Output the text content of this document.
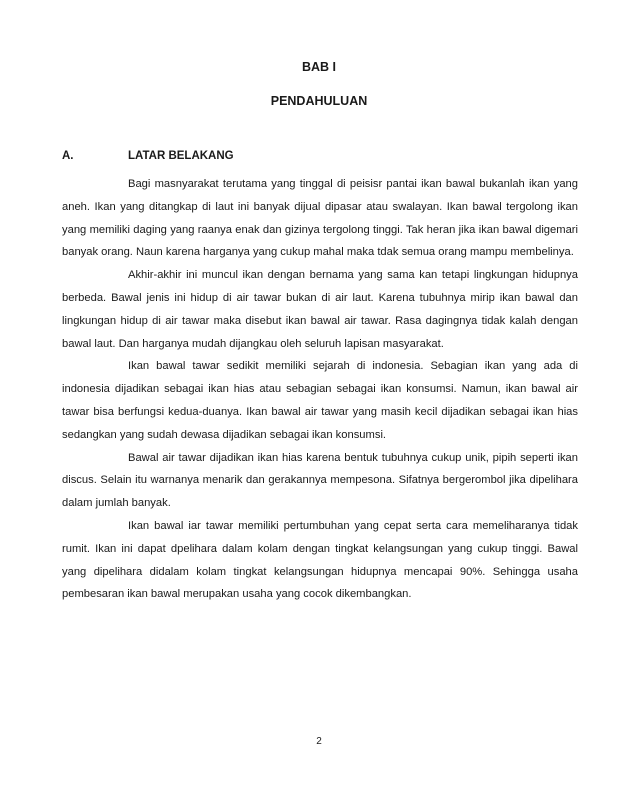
BAB I
PENDAHULUAN
A.	LATAR BELAKANG

Bagi masnyarakat terutama yang tinggal di peisisr pantai ikan bawal bukanlah ikan yang aneh. Ikan yang ditangkap di laut ini banyak dijual dipasar atau swalayan. Ikan bawal tergolong ikan yang memiliki daging yang raanya enak dan gizinya tergolong tinggi. Tak heran jika ikan bawal digemari banyak orang. Naun karena harganya yang cukup mahal maka tdak semua orang mampu membelinya.

Akhir-akhir ini muncul ikan dengan bernama yang sama kan tetapi lingkungan hidupnya berbeda. Bawal jenis ini hidup di air tawar bukan di air laut. Karena tubuhnya mirip ikan bawal dan lingkungan hidup di air tawar maka disebut ikan bawal air tawar. Rasa dagingnya tidak kalah dengan bawal laut. Dan harganya mudah dijangkau oleh seluruh lapisan masyarakat.

Ikan bawal tawar sedikit memiliki sejarah di indonesia. Sebagian ikan yang ada di indonesia dijadikan sebagai ikan hias atau sebagian sebagai ikan konsumsi. Namun, ikan bawal air tawar bisa berfungsi kedua-duanya. Ikan bawal air tawar yang masih kecil dijadikan sebagai ikan hias sedangkan yang sudah dewasa dijadikan sebagai ikan konsumsi.

Bawal air tawar dijadikan ikan hias karena bentuk tubuhnya cukup unik, pipih seperti ikan discus. Selain itu warnanya menarik dan gerakannya mempesona. Sifatnya bergerombol jika dipelihara dalam jumlah banyak.

Ikan bawal iar tawar memiliki pertumbuhan yang cepat serta cara memeliharanya tidak rumit. Ikan ini dapat dpelihara dalam kolam dengan tingkat kelangsungan yang cukup tinggi. Bawal yang dipelihara didalam kolam tingkat kelangsungan hidupnya mencapai 90%. Sehingga usaha pembesaran ikan bawal merupakan usaha yang cocok dikembangkan.

2
